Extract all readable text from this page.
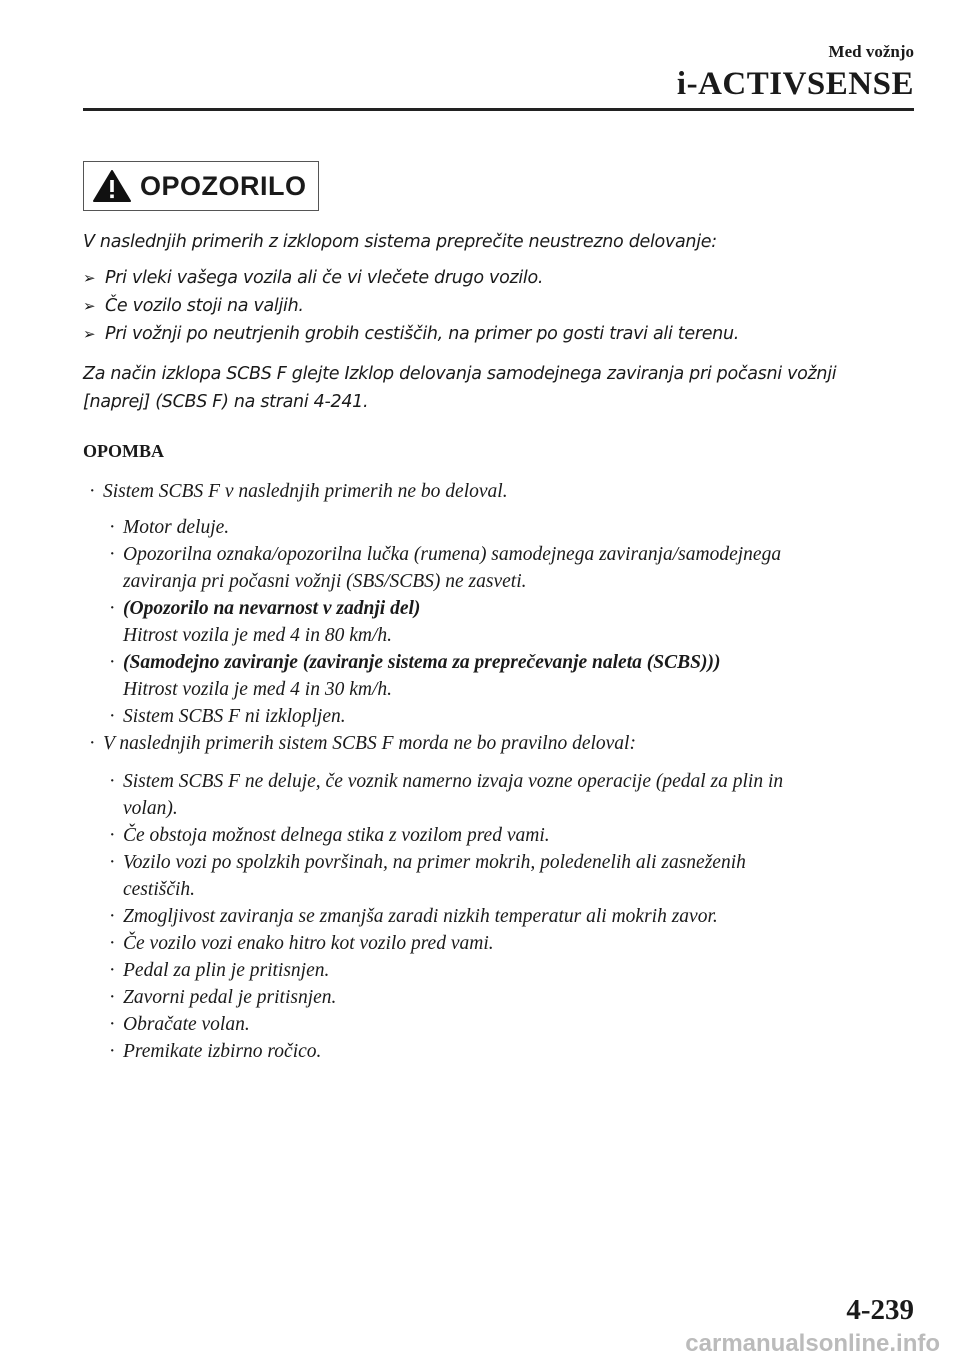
Med vožnjo
i-ACTIVSENSE
OPOZORILO
V naslednjih primerih z izklopom sistema preprečite neustrezno delovanje:
➢ Pri vleki vašega vozila ali če vi vlečete drugo vozilo.
➢ Če vozilo stoji na valjih.
➢ Pri vožnji po neutrjenih grobih cestiščih, na primer po gosti travi ali terenu.
Za način izklopa SCBS F glejte Izklop delovanja samodejnega zaviranja pri počasni vožnji
[naprej] (SCBS F) na strani 4-241.
OPOMBA
· Sistem SCBS F v naslednjih primerih ne bo deloval.
· Motor deluje.
· Opozorilna oznaka/opozorilna lučka (rumena) samodejnega zaviranja/samodejnega
zaviranja pri počasni vožnji (SBS/SCBS) ne zasveti.
· (Opozorilo na nevarnost v zadnji del)
Hitrost vozila je med 4 in 80 km/h.
· (Samodejno zaviranje (zaviranje sistema za preprečevanje naleta (SCBS)))
Hitrost vozila je med 4 in 30 km/h.
· Sistem SCBS F ni izklopljen.
· V naslednjih primerih sistem SCBS F morda ne bo pravilno deloval:
· Sistem SCBS F ne deluje, če voznik namerno izvaja vozne operacije (pedal za plin in
volan).
· Če obstoja možnost delnega stika z vozilom pred vami.
· Vozilo vozi po spolzkih površinah, na primer mokrih, poledenelih ali zasneženih
cestiščih.
· Zmogljivost zaviranja se zmanjša zaradi nizkih temperatur ali mokrih zavor.
· Če vozilo vozi enako hitro kot vozilo pred vami.
· Pedal za plin je pritisnjen.
· Zavorni pedal je pritisnjen.
· Obračate volan.
· Premikate izbirno ročico.
4-239
carmanualsonline.info
